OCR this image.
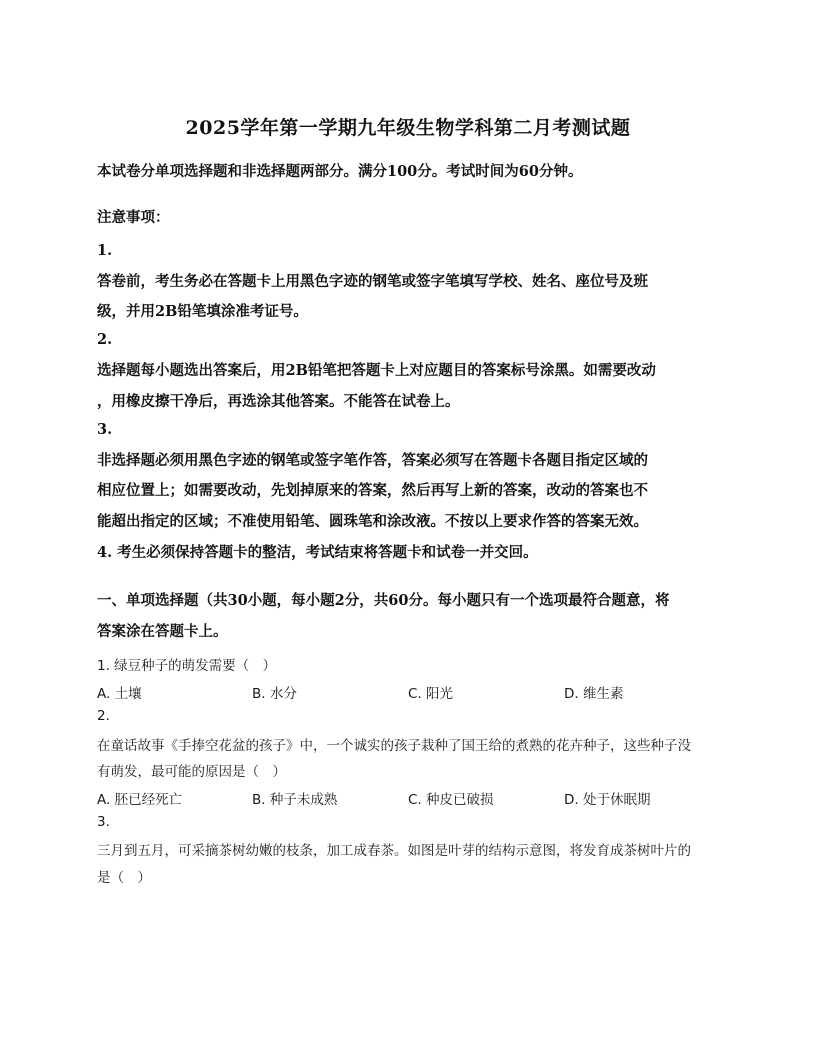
2025学年第一学期九年级生物学科第二月考测试题
本试卷分单项选择题和非选择题两部分。满分100分。考试时间为60分钟。
注意事项：
1.
答卷前，考生务必在答题卡上用黑色字迹的钢笔或签字笔填写学校、姓名、座位号及班
级，并用2B铅笔填涂准考证号。
2.
选择题每小题选出答案后，用2B铅笔把答题卡上对应题目的答案标号涂黑。如需要改动
，用橡皮擦干净后，再选涂其他答案。不能答在试卷上。
3.
非选择题必须用黑色字迹的钢笔或签字笔作答，答案必须写在答题卡各题目指定区域的
相应位置上；如需要改动，先划掉原来的答案，然后再写上新的答案，改动的答案也不
能超出指定的区域；不准使用铅笔、圆珠笔和涂改液。不按以上要求作答的答案无效。
4. 考生必须保持答题卡的整洁，考试结束将答题卡和试卷一并交回。
一、单项选择题（共30小题，每小题2分，共60分。每小题只有一个选项最符合题意，将
答案涂在答题卡上。
1. 绿豆种子的萌发需要（　）
A. 土壤	B. 水分	C. 阳光	D. 维生素
2.
在童话故事《手捧空花盆的孩子》中，一个诚实的孩子栽种了国王给的煮熟的花卉种子，这些种子没
有萌发，最可能的原因是（　）
A. 胚已经死亡	B. 种子未成熟	C. 种皮已破损	D. 处于休眠期
3.
三月到五月，可采摘茶树幼嫩的枝条，加工成春茶。如图是叶芽的结构示意图，将发育成茶树叶片的
是（　）
